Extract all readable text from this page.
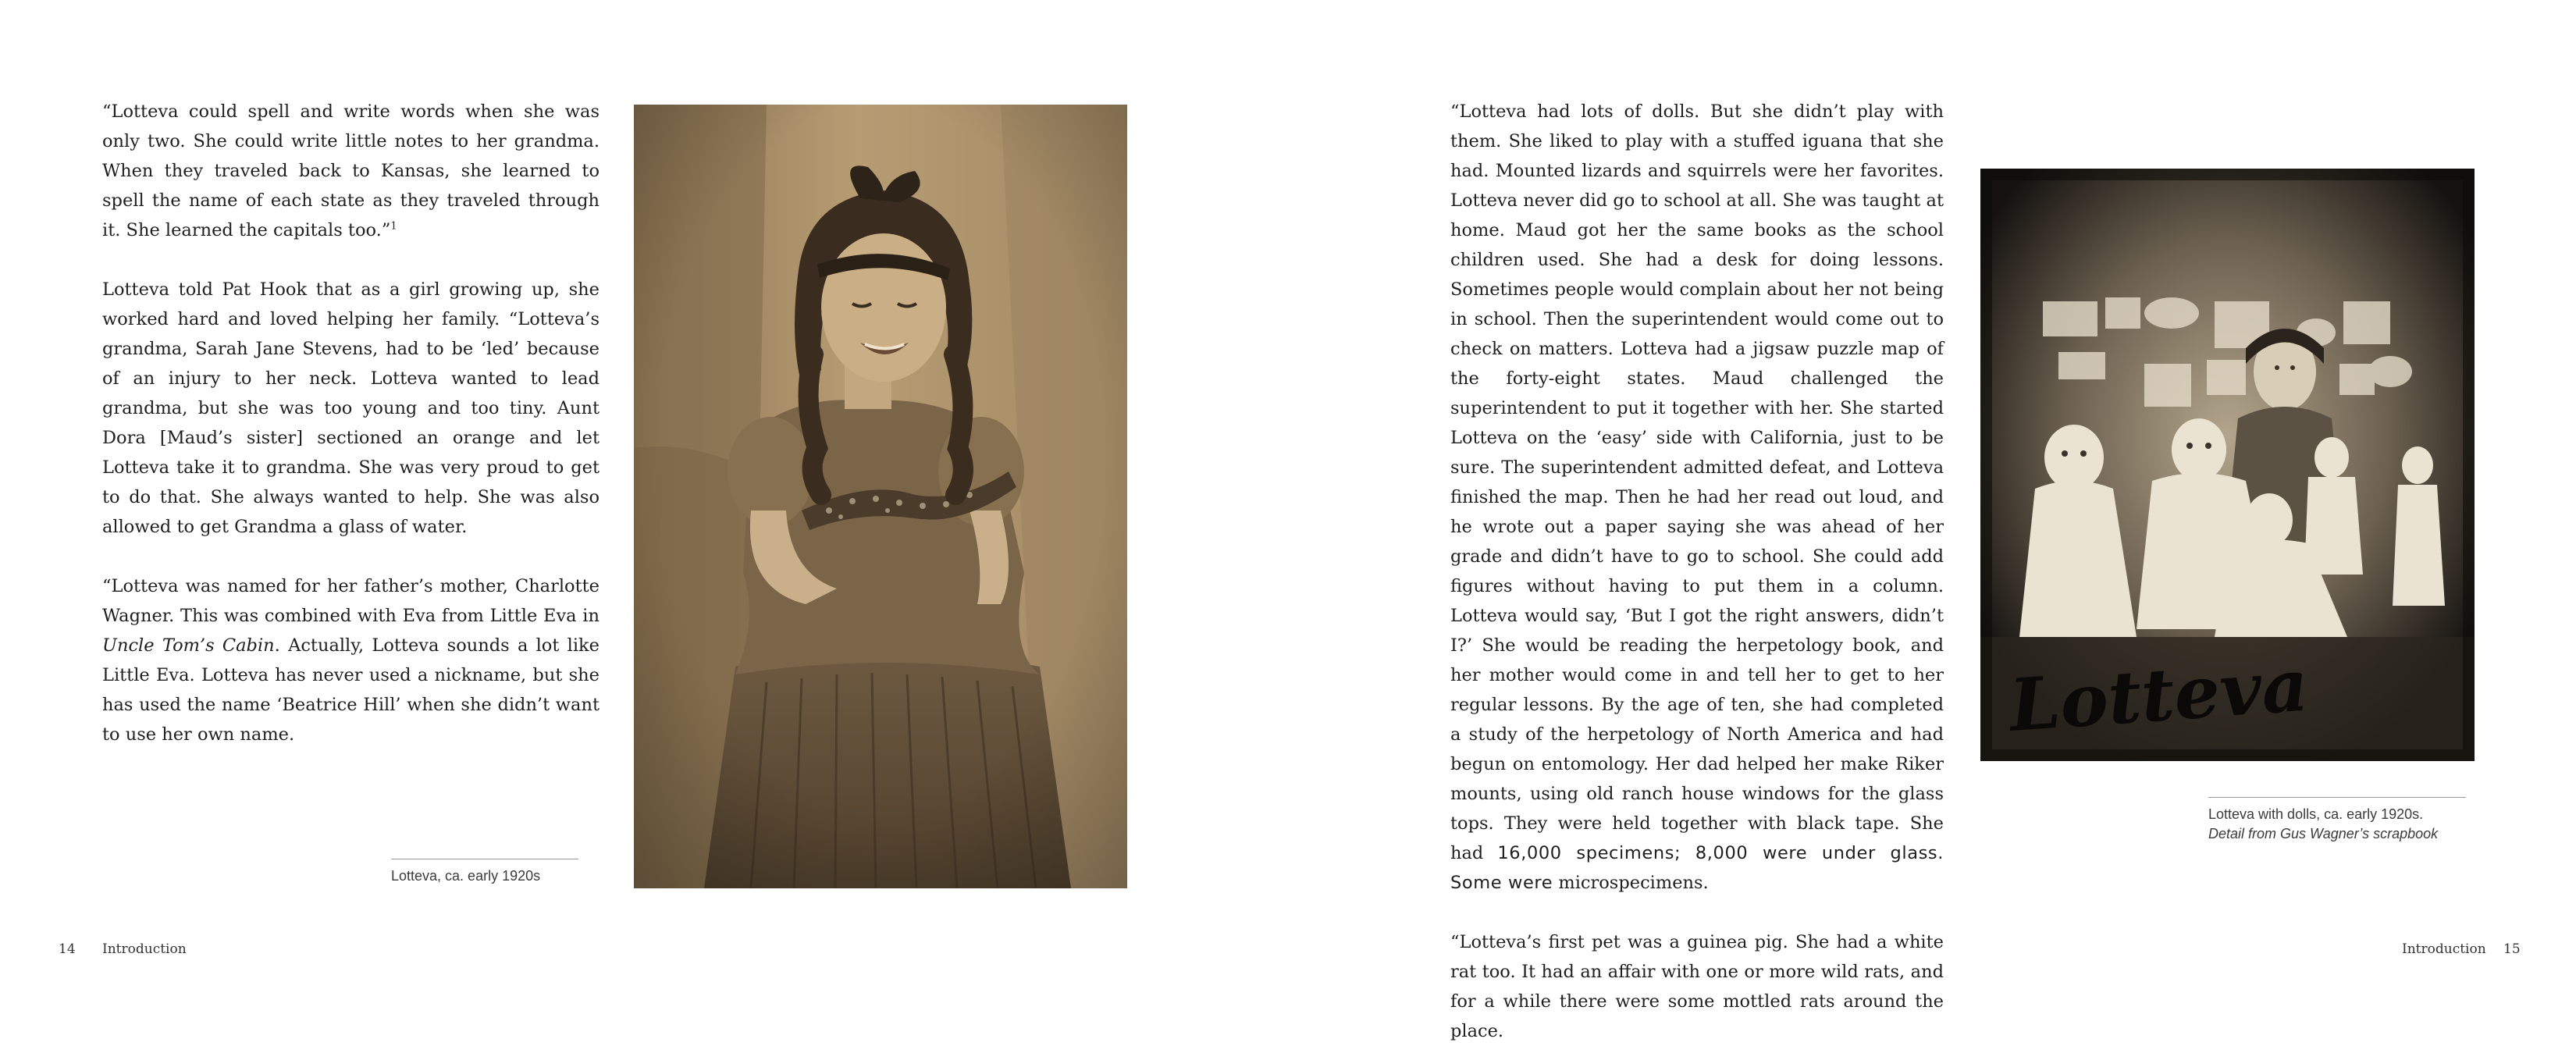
“Lotteva could spell and write words when she was only two. She could write little notes to her grandma. When they traveled back to Kansas, she learned to spell the name of each state as they traveled through it. She learned the capitals too.”$^1$

Lotteva told Pat Hook that as a girl growing up, she worked hard and loved helping her family. “Lotteva’s grandma, Sarah Jane Stevens, had to be ‘led’ because of an injury to her neck. Lotteva wanted to lead grandma, but she was too young and too tiny. Aunt Dora [Maud’s sister] sectioned an orange and let Lotteva take it to grandma. She was very proud to get to do that. She always wanted to help. She was also allowed to get Grandma a glass of water.

“Lotteva was named for her father’s mother, Charlotte Wagner. This was combined with Eva from Little Eva in Uncle Tom’s Cabin. Actually, Lotteva sounds a lot like Little Eva. Lotteva has never used a nickname, but she has used the name ‘Beatrice Hill’ when she didn’t want to use her own name.

Lotteva, ca. early 1920s

“Lotteva had lots of dolls. But she didn’t play with them. She liked to play with a stuffed iguana that she had. Mounted lizards and squirrels were her favorites. Lotteva never did go to school at all. She was taught at home. Maud got her the same books as the school children used. She had a desk for doing lessons. Sometimes people would complain about her not being in school. Then the superintendent would come out to check on matters. Lotteva had a jigsaw puzzle map of the forty-eight states. Maud challenged the superintendent to put it together with her. She started Lotteva on the ‘easy’ side with California, just to be sure. The superintendent admitted defeat, and Lotteva finished the map. Then he had her read out loud, and he wrote out a paper saying she was ahead of her grade and didn’t have to go to school. She could add figures without having to put them in a column. Lotteva would say, ‘But I got the right answers, didn’t I?’ She would be reading the herpetology book, and her mother would come in and tell her to get to her regular lessons. By the age of ten, she had completed a study of the herpetology of North America and had begun on entomology. Her dad helped her make Riker mounts, using old ranch house windows for the glass tops. They were held together with black tape. She had 16,000 specimens; 8,000 were under glass. Some were microspecimens.

“Lotteva’s first pet was a guinea pig. She had a white rat too. It had an affair with one or more wild rats, and for a while there were some mottled rats around the place.

Lotteva
Lotteva with dolls, ca. early 1920s.
Detail from Gus Wagner’s scrapbook
14 Introduction	Introduction 15
